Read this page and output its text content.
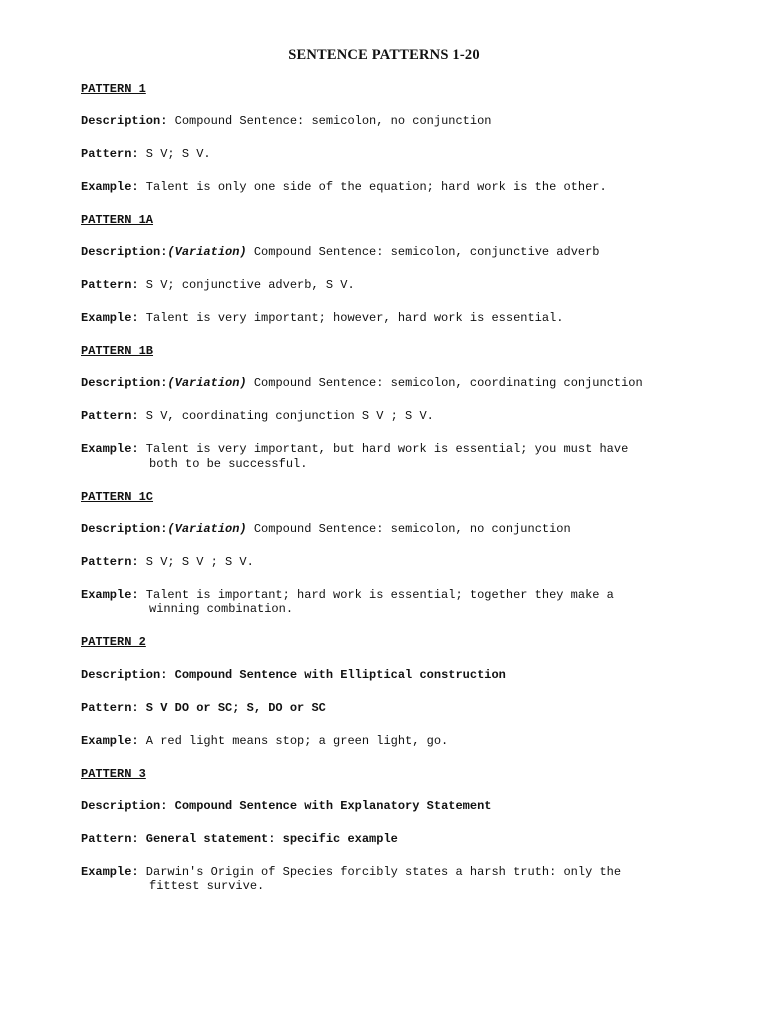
SENTENCE PATTERNS 1-20
PATTERN 1
Description: Compound Sentence: semicolon, no conjunction
Pattern: S V; S V.
Example: Talent is only one side of the equation; hard work is the other.
PATTERN 1A
Description:(Variation) Compound Sentence: semicolon, conjunctive adverb
Pattern: S V; conjunctive adverb, S V.
Example: Talent is very important; however, hard work is essential.
PATTERN 1B
Description:(Variation) Compound Sentence: semicolon, coordinating conjunction
Pattern: S V, coordinating conjunction S V ; S V.
Example: Talent is very important, but hard work is essential; you must have
both to be successful.
PATTERN 1C
Description:(Variation) Compound Sentence: semicolon, no conjunction
Pattern: S V; S V ; S V.
Example: Talent is important; hard work is essential; together they make a
winning combination.
PATTERN 2
Description: Compound Sentence with Elliptical construction
Pattern: S V DO or SC; S, DO or SC
Example: A red light means stop; a green light, go.
PATTERN 3
Description: Compound Sentence with Explanatory Statement
Pattern: General statement: specific example
Example: Darwin's Origin of Species forcibly states a harsh truth: only the
fittest survive.
